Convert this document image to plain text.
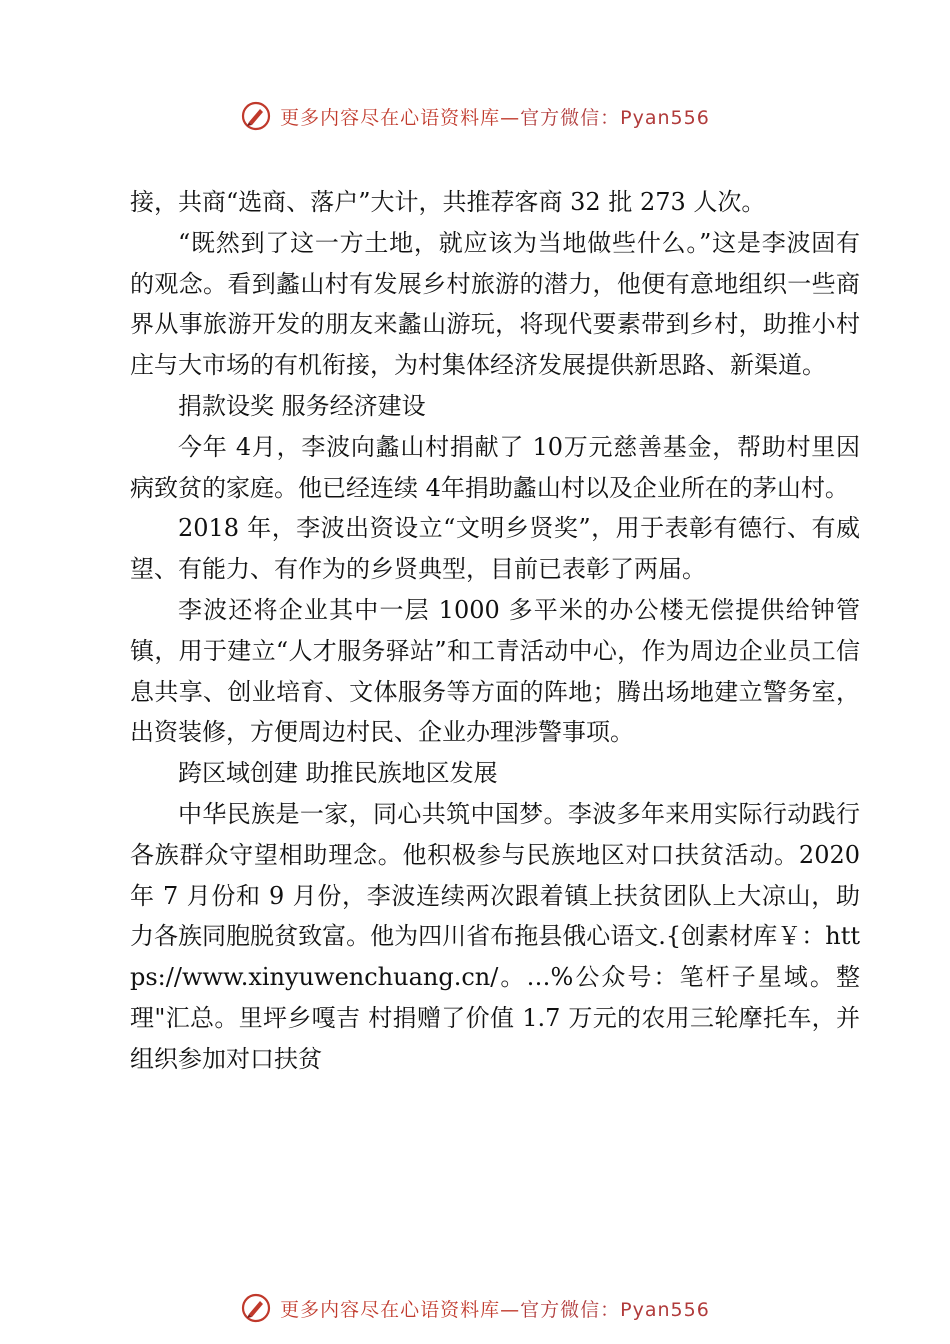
更多内容尽在心语资料库—官方微信：Pyan556

接，共商“选商、落户”大计，共推荐客商 32 批 273 人次。

“既然到了这一方土地，就应该为当地做些什么。”这是李波固有的观念。看到蠡山村有发展乡村旅游的潜力，他便有意地组织一些商界从事旅游开发的朋友来蠡山游玩，将现代要素带到乡村，助推小村庄与大市场的有机衔接，为村集体经济发展提供新思路、新渠道。

捐款设奖 服务经济建设

今年 4月，李波向蠡山村捐献了 10万元慈善基金，帮助村里因病致贫的家庭。他已经连续 4年捐助蠡山村以及企业所在的茅山村。

2018 年，李波出资设立“文明乡贤奖”，用于表彰有德行、有威望、有能力、有作为的乡贤典型，目前已表彰了两届。

李波还将企业其中一层 1000 多平米的办公楼无偿提供给钟管镇，用于建立“人才服务驿站”和工青活动中心，作为周边企业员工信息共享、创业培育、文体服务等方面的阵地；腾出场地建立警务室，出资装修，方便周边村民、企业办理涉警事项。

跨区域创建 助推民族地区发展

中华民族是一家，同心共筑中国梦。李波多年来用实际行动践行各族群众守望相助理念。他积极参与民族地区对口扶贫活动。2020 年 7 月份和 9 月份，李波连续两次跟着镇上扶贫团队上大凉山，助力各族同胞脱贫致富。他为四川省布拖县俄心语文.{创素材库￥：https://www.xinyuwenchuang.cn/。…%公众号：笔杆子星域。整理"汇总。里坪乡嘎吉 村捐赠了价值 1.7 万元的农用三轮摩托车，并组织参加对口扶贫

更多内容尽在心语资料库—官方微信：Pyan556
